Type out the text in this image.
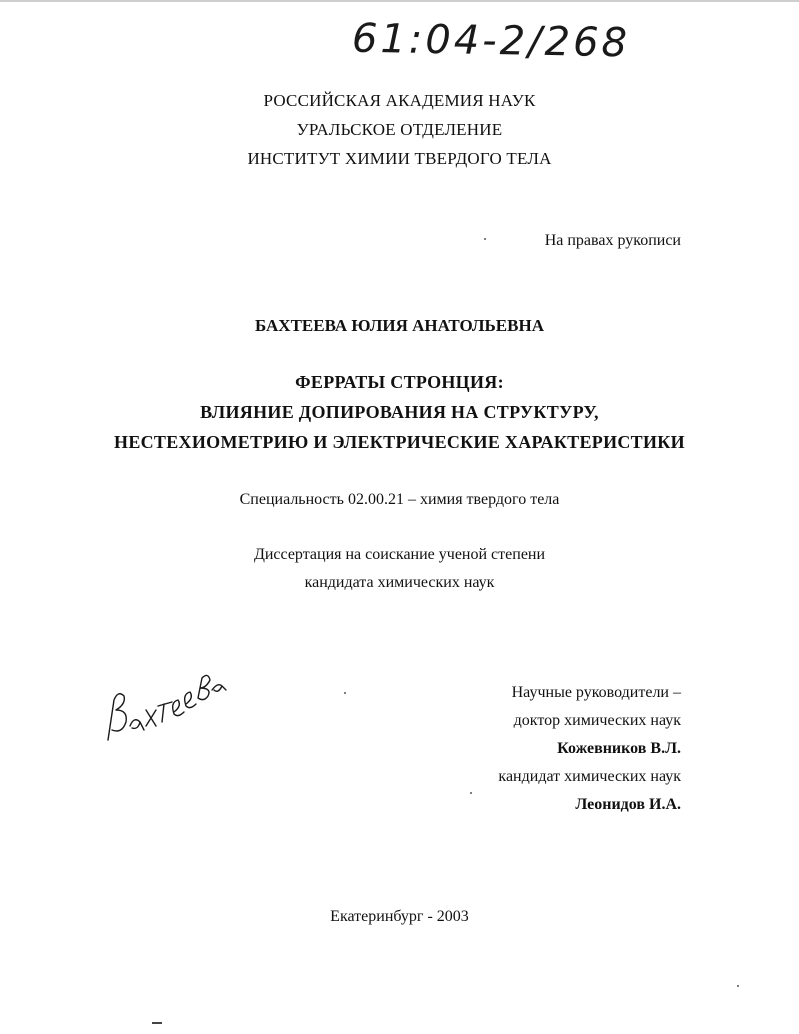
61:04-2/268
РОССИЙСКАЯ АКАДЕМИЯ НАУК
УРАЛЬСКОЕ ОТДЕЛЕНИЕ
ИНСТИТУТ ХИМИИ ТВЕРДОГО ТЕЛА
На правах рукописи
БАХТЕЕВА ЮЛИЯ АНАТОЛЬЕВНА
ФЕРРАТЫ СТРОНЦИЯ:
ВЛИЯНИЕ ДОПИРОВАНИЯ НА СТРУКТУРУ,
НЕСТЕХИОМЕТРИЮ И ЭЛЕКТРИЧЕСКИЕ ХАРАКТЕРИСТИКИ
Специальность 02.00.21 – химия твердого тела
Диссертация на соискание ученой степени
кандидата химических наук
Научные руководители –
доктор химических наук
Кожевников В.Л.
кандидат химических наук
Леонидов И.А.
Екатеринбург - 2003
